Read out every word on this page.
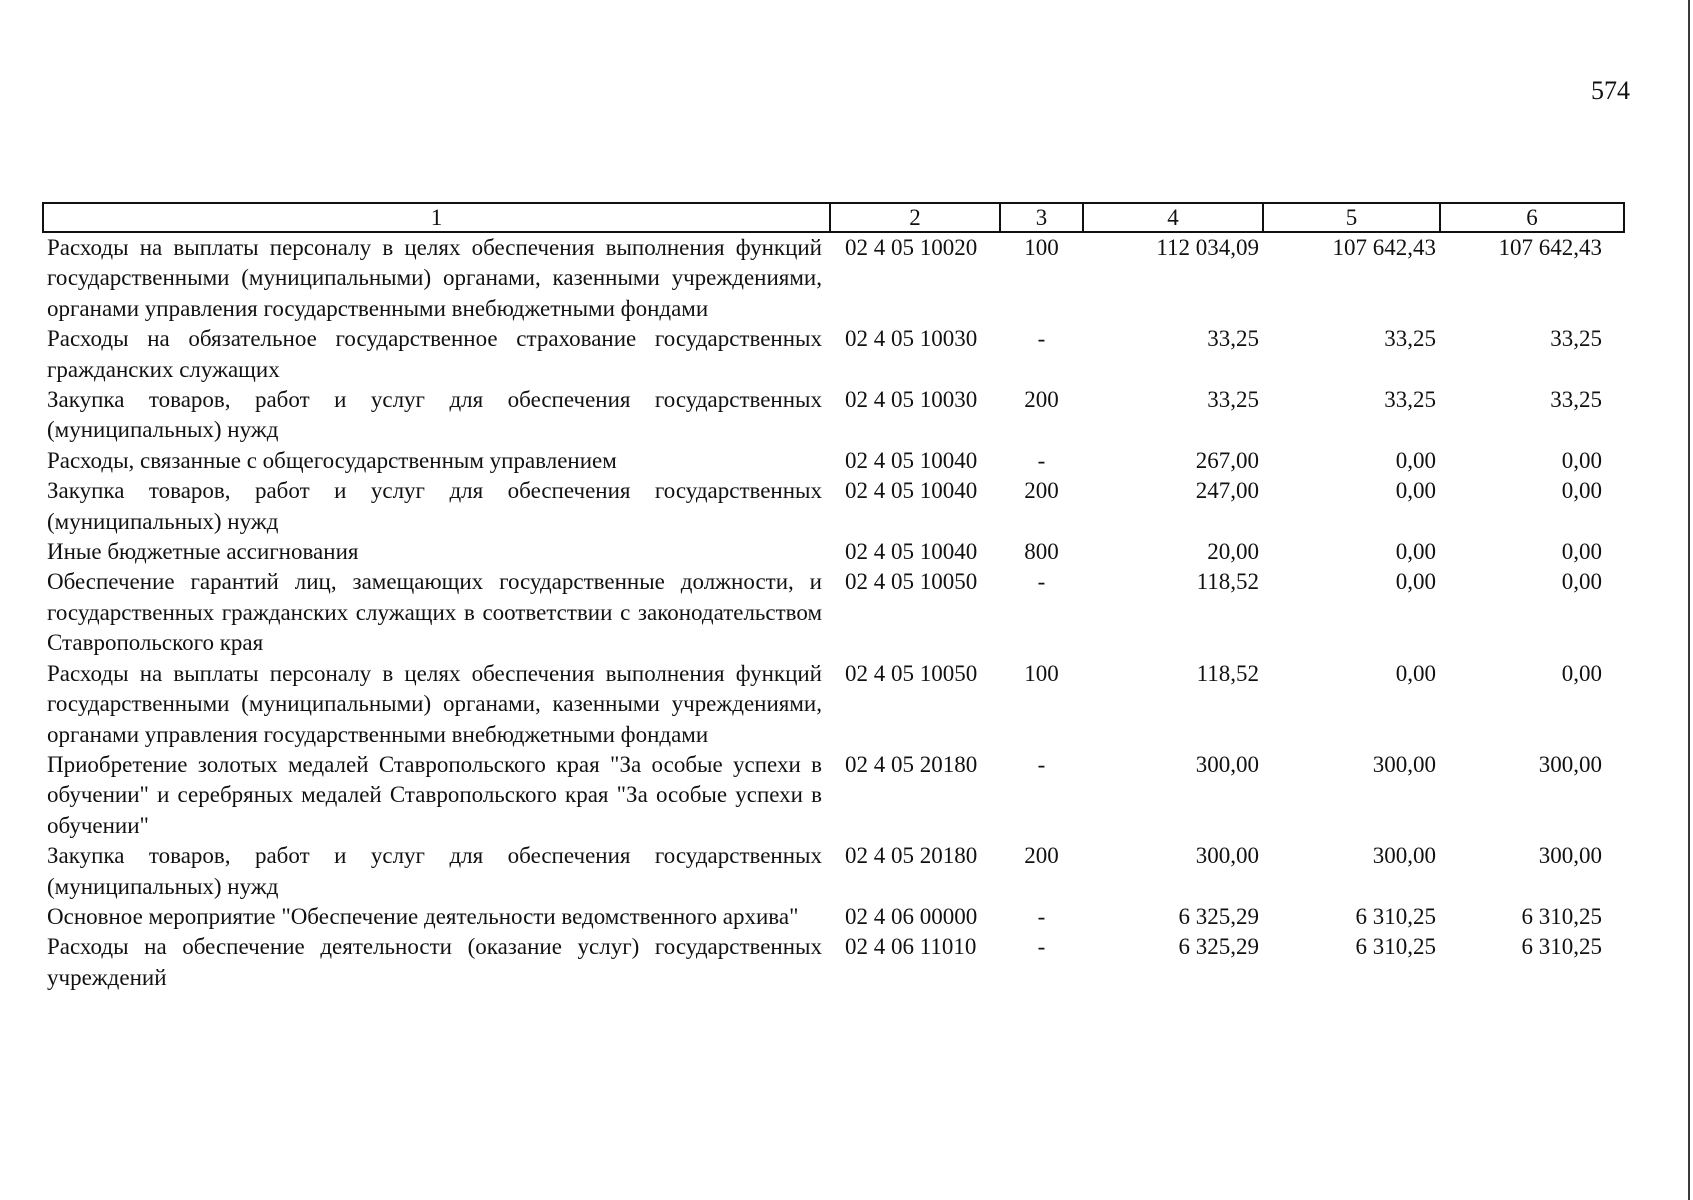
574
1	2	3	4	5	6
Расходы на выплаты персоналу в целях обеспечения выполнения функций государственными (муниципальными) органами, казенными учреждениями, органами управления государственными внебюджетными фондами	02 4 05 10020	100	112 034,09	107 642,43	107 642,43
Расходы на обязательное государственное страхование государственных гражданских служащих	02 4 05 10030	-	33,25	33,25	33,25
Закупка товаров, работ и услуг для обеспечения государственных (муниципальных) нужд	02 4 05 10030	200	33,25	33,25	33,25
Расходы, связанные с общегосударственным управлением	02 4 05 10040	-	267,00	0,00	0,00
Закупка товаров, работ и услуг для обеспечения государственных (муниципальных) нужд	02 4 05 10040	200	247,00	0,00	0,00
Иные бюджетные ассигнования	02 4 05 10040	800	20,00	0,00	0,00
Обеспечение гарантий лиц, замещающих государственные должности, и государственных гражданских служащих в соответствии с законодательством Ставропольского края	02 4 05 10050	-	118,52	0,00	0,00
Расходы на выплаты персоналу в целях обеспечения выполнения функций государственными (муниципальными) органами, казенными учреждениями, органами управления государственными внебюджетными фондами	02 4 05 10050	100	118,52	0,00	0,00
Приобретение золотых медалей Ставропольского края "За особые успехи в обучении" и серебряных медалей Ставропольского края "За особые успехи в обучении"	02 4 05 20180	-	300,00	300,00	300,00
Закупка товаров, работ и услуг для обеспечения государственных (муниципальных) нужд	02 4 05 20180	200	300,00	300,00	300,00
Основное мероприятие "Обеспечение деятельности ведомственного архива"	02 4 06 00000	-	6 325,29	6 310,25	6 310,25
Расходы на обеспечение деятельности (оказание услуг) государственных учреждений	02 4 06 11010	-	6 325,29	6 310,25	6 310,25
